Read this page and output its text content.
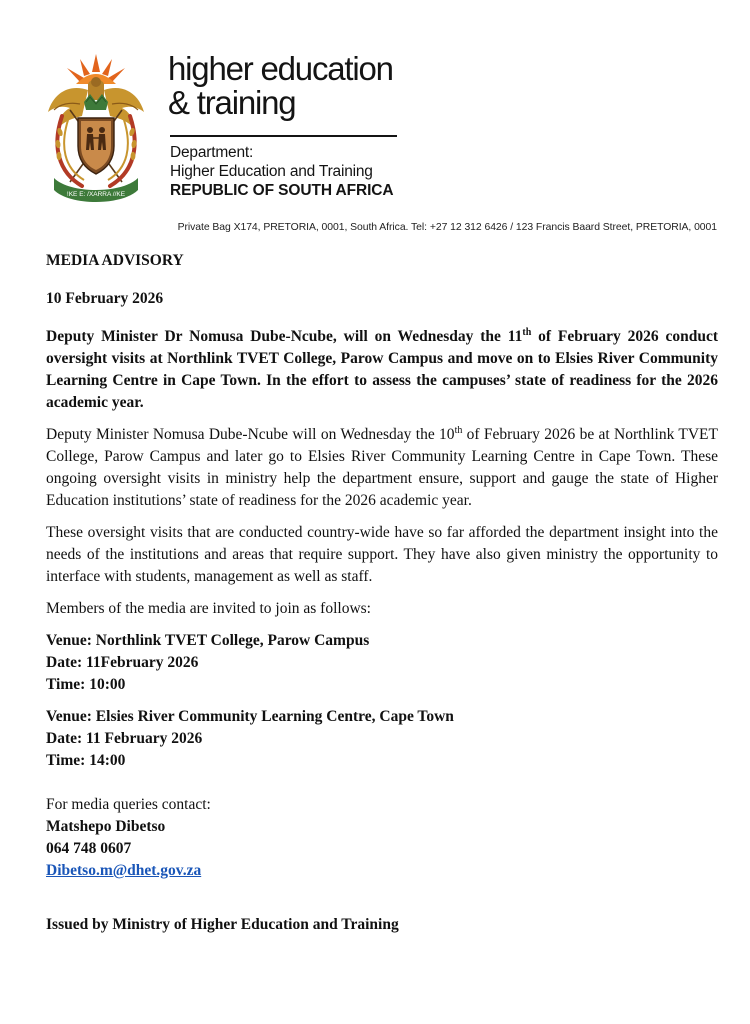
!KE E: /XARRA //KE
higher education
& training
Department:
Higher Education and Training
REPUBLIC OF SOUTH AFRICA
Private Bag X174, PRETORIA, 0001, South Africa. Tel: +27 12 312 6426 / 123 Francis Baard Street, PRETORIA, 0001

MEDIA ADVISORY

10 February 2026

Deputy Minister Dr Nomusa Dube-Ncube, will on Wednesday the 11th of February 2026 conduct oversight visits at Northlink TVET College, Parow Campus and move on to Elsies River Community Learning Centre in Cape Town. In the effort to assess the campuses’ state of readiness for the 2026 academic year.

Deputy Minister Nomusa Dube-Ncube will on Wednesday the 10th of February 2026 be at Northlink TVET College, Parow Campus and later go to Elsies River Community Learning Centre in Cape Town. These ongoing oversight visits in ministry help the department ensure, support and gauge the state of Higher Education institutions’ state of readiness for the 2026 academic year.

These oversight visits that are conducted country-wide have so far afforded the department insight into the needs of the institutions and areas that require support. They have also given ministry the opportunity to interface with students, management as well as staff.

Members of the media are invited to join as follows:

Venue: Northlink TVET College, Parow Campus
Date: 11February 2026
Time: 10:00
Venue: Elsies River Community Learning Centre, Cape Town
Date: 11 February 2026
Time: 14:00
For media queries contact:
Matshepo Dibetso
064 748 0607
Dibetso.m@dhet.gov.za

Issued by Ministry of Higher Education and Training
